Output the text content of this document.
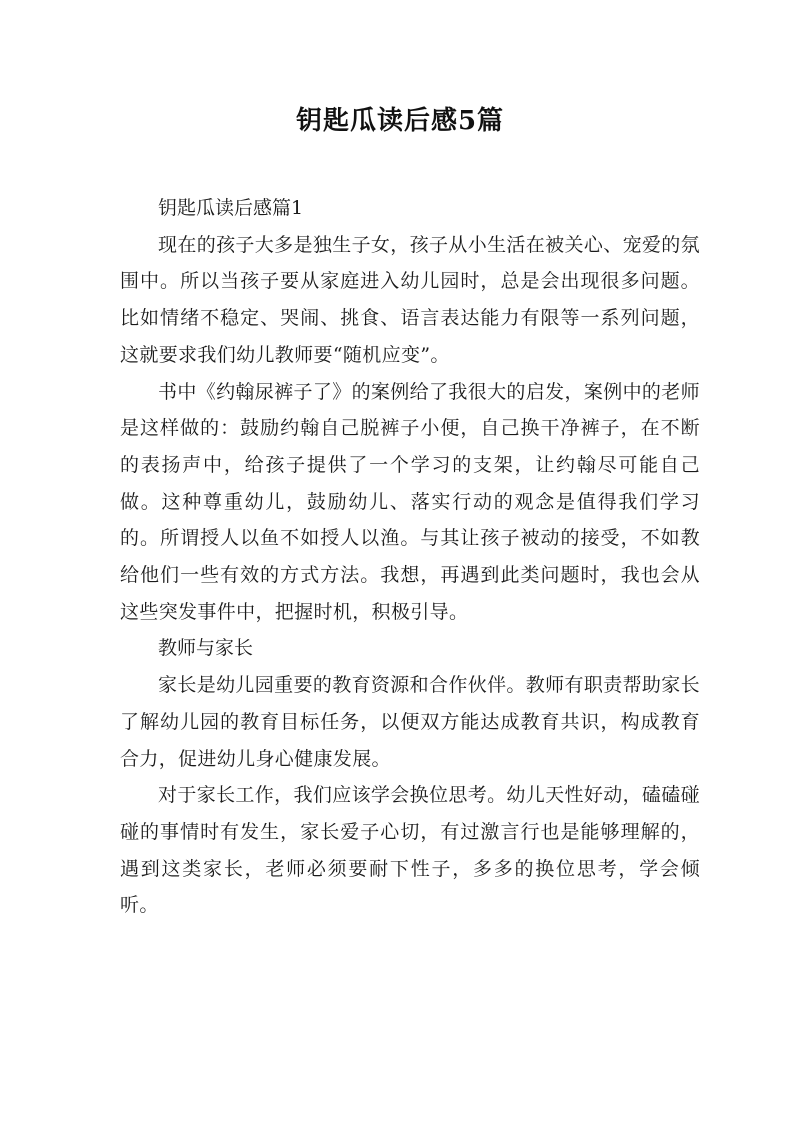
钥匙瓜读后感5篇

钥匙瓜读后感篇1

现在的孩子大多是独生子女，孩子从小生活在被关心、宠爱的氛围中。所以当孩子要从家庭进入幼儿园时，总是会出现很多问题。比如情绪不稳定、哭闹、挑食、语言表达能力有限等一系列问题，这就要求我们幼儿教师要“随机应变”。

书中《约翰尿裤子了》的案例给了我很大的启发，案例中的老师是这样做的：鼓励约翰自己脱裤子小便，自己换干净裤子，在不断的表扬声中，给孩子提供了一个学习的支架，让约翰尽可能自己做。这种尊重幼儿，鼓励幼儿、落实行动的观念是值得我们学习的。所谓授人以鱼不如授人以渔。与其让孩子被动的接受，不如教给他们一些有效的方式方法。我想，再遇到此类问题时，我也会从这些突发事件中，把握时机，积极引导。

教师与家长

家长是幼儿园重要的教育资源和合作伙伴。教师有职责帮助家长了解幼儿园的教育目标任务，以便双方能达成教育共识，构成教育合力，促进幼儿身心健康发展。

对于家长工作，我们应该学会换位思考。幼儿天性好动，磕磕碰碰的事情时有发生，家长爱子心切，有过激言行也是能够理解的，遇到这类家长，老师必须要耐下性子，多多的换位思考，学会倾听。
